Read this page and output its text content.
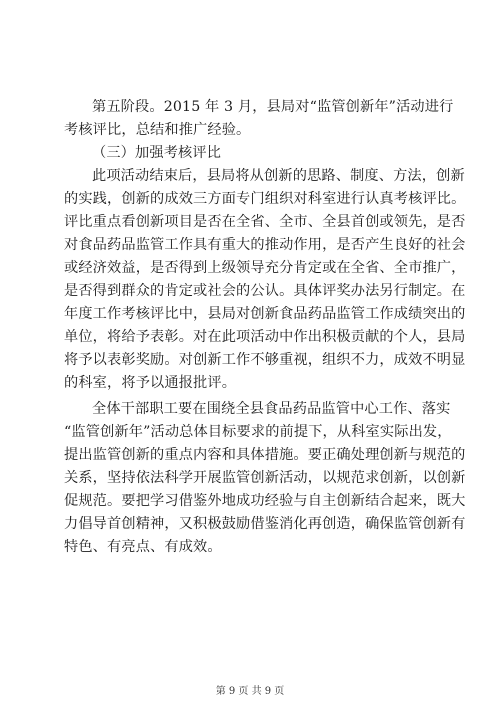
第五阶段。2015 年 3 月，县局对“监管创新年”活动进行
考核评比，总结和推广经验。
（三）加强考核评比
此项活动结束后，县局将从创新的思路、制度、方法，创新
的实践，创新的成效三方面专门组织对科室进行认真考核评比。
评比重点看创新项目是否在全省、全市、全县首创或领先，是否
对食品药品监管工作具有重大的推动作用，是否产生良好的社会
或经济效益，是否得到上级领导充分肯定或在全省、全市推广，
是否得到群众的肯定或社会的公认。具体评奖办法另行制定。在
年度工作考核评比中，县局对创新食品药品监管工作成绩突出的
单位，将给予表彰。对在此项活动中作出积极贡献的个人，县局
将予以表彰奖励。对创新工作不够重视，组织不力，成效不明显
的科室，将予以通报批评。
全体干部职工要在围绕全县食品药品监管中心工作、落实
“监管创新年”活动总体目标要求的前提下，从科室实际出发，
提出监管创新的重点内容和具体措施。要正确处理创新与规范的
关系，坚持依法科学开展监管创新活动，以规范求创新，以创新
促规范。要把学习借鉴外地成功经验与自主创新结合起来，既大
力倡导首创精神，又积极鼓励借鉴消化再创造，确保监管创新有
特色、有亮点、有成效。
第 9 页 共 9 页
